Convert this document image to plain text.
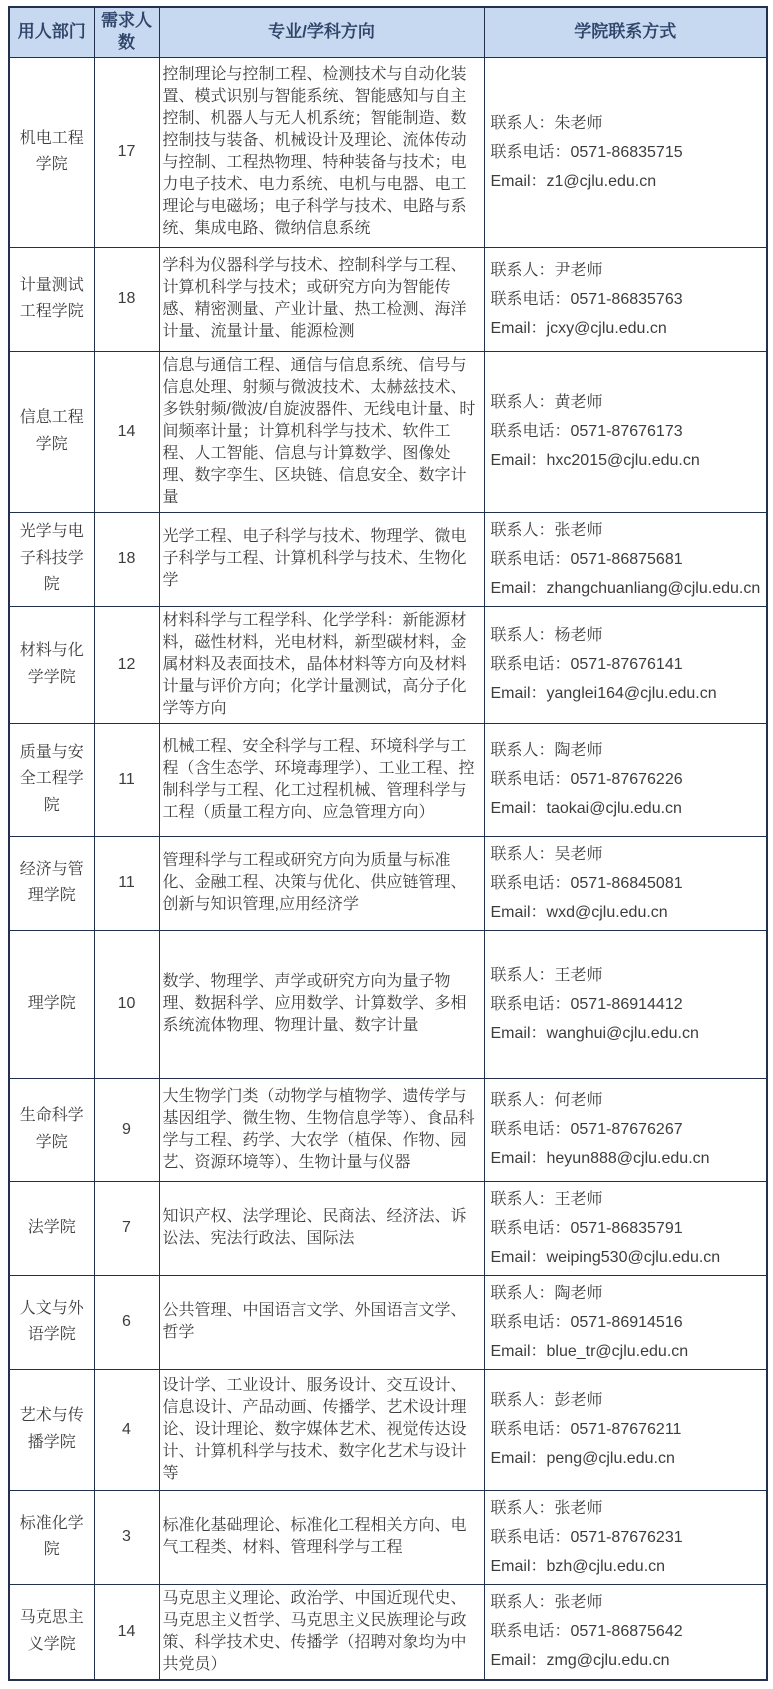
用人部门	需求人数	专业/学科方向	学院联系方式
机电工程学院	17	控制理论与控制工程、检测技术与自动化装置、模式识别与智能系统、智能感知与自主控制、机器人与无人机系统；智能制造、数控制技与装备、机械设计及理论、流体传动与控制、工程热物理、特种装备与技术；电力电子技术、电力系统、电机与电器、电工理论与电磁场；电子科学与技术、电路与系统、集成电路、微纳信息系统	联系人：朱老师
联系电话：0571-86835715
Email：z1@cjlu.edu.cn

计量测试工程学院	18	学科为仪器科学与技术、控制科学与工程、计算机科学与技术；或研究方向为智能传感、精密测量、产业计量、热工检测、海洋计量、流量计量、能源检测	联系人：尹老师
联系电话：0571-86835763
Email：jcxy@cjlu.edu.cn

信息工程学院	14	信息与通信工程、通信与信息系统、信号与信息处理、射频与微波技术、太赫兹技术、多铁射频/微波/自旋波器件、无线电计量、时间频率计量；计算机科学与技术、软件工程、人工智能、信息与计算数学、图像处理、数字孪生、区块链、信息安全、数字计量	联系人：黄老师
联系电话：0571-87676173
Email：hxc2015@cjlu.edu.cn

光学与电子科技学院	18	光学工程、电子科学与技术、物理学、微电子科学与工程、计算机科学与技术、生物化学	联系人：张老师
联系电话：0571-86875681
Email：zhangchuanliang@cjlu.edu.cn

材料与化学学院	12	材料科学与工程学科、化学学科：新能源材料，磁性材料，光电材料，新型碳材料，金属材料及表面技术，晶体材料等方向及材料计量与评价方向；化学计量测试，高分子化学等方向	联系人：杨老师
联系电话：0571-87676141
Email：yanglei164@cjlu.edu.cn

质量与安全工程学院	11	机械工程、安全科学与工程、环境科学与工程（含生态学、环境毒理学）、工业工程、控制科学与工程、化工过程机械、管理科学与工程（质量工程方向、应急管理方向）	联系人：陶老师
联系电话：0571-87676226
Email：taokai@cjlu.edu.cn

经济与管理学院	11	管理科学与工程或研究方向为质量与标准化、金融工程、决策与优化、供应链管理、创新与知识管理,应用经济学	联系人：吴老师
联系电话：0571-86845081
Email：wxd@cjlu.edu.cn

理学院	10	数学、物理学、声学或研究方向为量子物理、数据科学、应用数学、计算数学、多相系统流体物理、物理计量、数字计量	联系人：王老师
联系电话：0571-86914412
Email：wanghui@cjlu.edu.cn

生命科学学院	9	大生物学门类（动物学与植物学、遗传学与基因组学、微生物、生物信息学等）、食品科学与工程、药学、大农学（植保、作物、园艺、资源环境等）、生物计量与仪器	联系人：何老师
联系电话：0571-87676267
Email：heyun888@cjlu.edu.cn

法学院	7	知识产权、法学理论、民商法、经济法、诉讼法、宪法行政法、国际法	联系人：王老师
联系电话：0571-86835791
Email：weiping530@cjlu.edu.cn

人文与外语学院	6	公共管理、中国语言文学、外国语言文学、哲学	联系人：陶老师
联系电话：0571-86914516
Email：blue_tr@cjlu.edu.cn

艺术与传播学院	4	设计学、工业设计、服务设计、交互设计、信息设计、产品动画、传播学、艺术设计理论、设计理论、数字媒体艺术、视觉传达设计、计算机科学与技术、数字化艺术与设计等	联系人：彭老师
联系电话：0571-87676211
Email：peng@cjlu.edu.cn

标准化学院	3	标准化基础理论、标准化工程相关方向、电气工程类、材料、管理科学与工程	联系人：张老师
联系电话：0571-87676231
Email：bzh@cjlu.edu.cn

马克思主义学院	14	马克思主义理论、政治学、中国近现代史、马克思主义哲学、马克思主义民族理论与政策、科学技术史、传播学（招聘对象均为中共党员）	联系人：张老师
联系电话：0571-86875642
Email：zmg@cjlu.edu.cn
